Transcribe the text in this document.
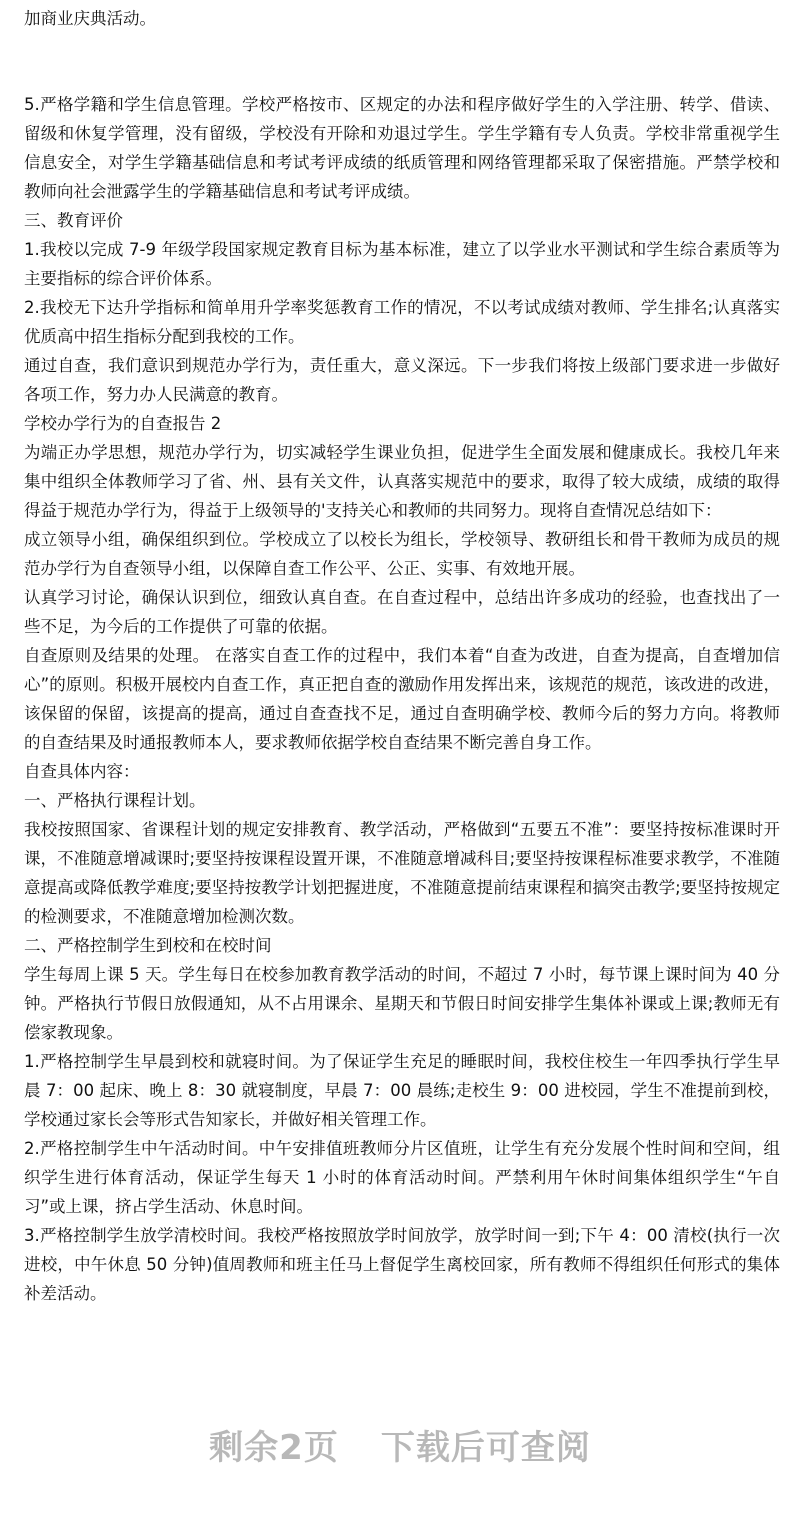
加商业庆典活动。

5.严格学籍和学生信息管理。学校严格按市、区规定的办法和程序做好学生的入学注册、转学、借读、留级和休复学管理，没有留级，学校没有开除和劝退过学生。学生学籍有专人负责。学校非常重视学生信息安全，对学生学籍基础信息和考试考评成绩的纸质管理和网络管理都采取了保密措施。严禁学校和教师向社会泄露学生的学籍基础信息和考试考评成绩。

三、教育评价

1.我校以完成 7-9 年级学段国家规定教育目标为基本标准，建立了以学业水平测试和学生综合素质等为主要指标的综合评价体系。

2.我校无下达升学指标和简单用升学率奖惩教育工作的情况，不以考试成绩对教师、学生排名;认真落实优质高中招生指标分配到我校的工作。

通过自查，我们意识到规范办学行为，责任重大，意义深远。下一步我们将按上级部门要求进一步做好各项工作，努力办人民满意的教育。

学校办学行为的自查报告 2

为端正办学思想，规范办学行为，切实减轻学生课业负担，促进学生全面发展和健康成长。我校几年来集中组织全体教师学习了省、州、县有关文件，认真落实规范中的要求，取得了较大成绩，成绩的取得得益于规范办学行为，得益于上级领导的'支持关心和教师的共同努力。现将自查情况总结如下：

成立领导小组，确保组织到位。学校成立了以校长为组长，学校领导、教研组长和骨干教师为成员的规范办学行为自查领导小组，以保障自查工作公平、公正、实事、有效地开展。

认真学习讨论，确保认识到位，细致认真自查。在自查过程中，总结出许多成功的经验，也查找出了一些不足，为今后的工作提供了可靠的依据。

自查原则及结果的处理。 在落实自查工作的过程中，我们本着“自查为改进，自查为提高，自查增加信心”的原则。积极开展校内自查工作，真正把自查的激励作用发挥出来，该规范的规范，该改进的改进，该保留的保留，该提高的提高，通过自查查找不足，通过自查明确学校、教师今后的努力方向。将教师的自查结果及时通报教师本人，要求教师依据学校自查结果不断完善自身工作。

自查具体内容：

一、严格执行课程计划。

我校按照国家、省课程计划的规定安排教育、教学活动，严格做到“五要五不准”：要坚持按标准课时开课，不准随意增减课时;要坚持按课程设置开课，不准随意增减科目;要坚持按课程标准要求教学，不准随意提高或降低教学难度;要坚持按教学计划把握进度，不准随意提前结束课程和搞突击教学;要坚持按规定的检测要求，不准随意增加检测次数。

二、严格控制学生到校和在校时间

学生每周上课 5 天。学生每日在校参加教育教学活动的时间，不超过 7 小时，每节课上课时间为 40 分钟。严格执行节假日放假通知，从不占用课余、星期天和节假日时间安排学生集体补课或上课;教师无有偿家教现象。

1.严格控制学生早晨到校和就寝时间。为了保证学生充足的睡眠时间，我校住校生一年四季执行学生早晨 7：00 起床、晚上 8：30 就寝制度，早晨 7：00 晨练;走校生 9：00 进校园，学生不准提前到校，学校通过家长会等形式告知家长，并做好相关管理工作。

2.严格控制学生中午活动时间。中午安排值班教师分片区值班，让学生有充分发展个性时间和空间，组织学生进行体育活动，保证学生每天 1 小时的体育活动时间。严禁利用午休时间集体组织学生“午自习”或上课，挤占学生活动、休息时间。

3.严格控制学生放学清校时间。我校严格按照放学时间放学，放学时间一到;下午 4：00 清校(执行一次进校，中午休息 50 分钟)值周教师和班主任马上督促学生离校回家，所有教师不得组织任何形式的集体补差活动。

剩余2页 下载后可查阅
